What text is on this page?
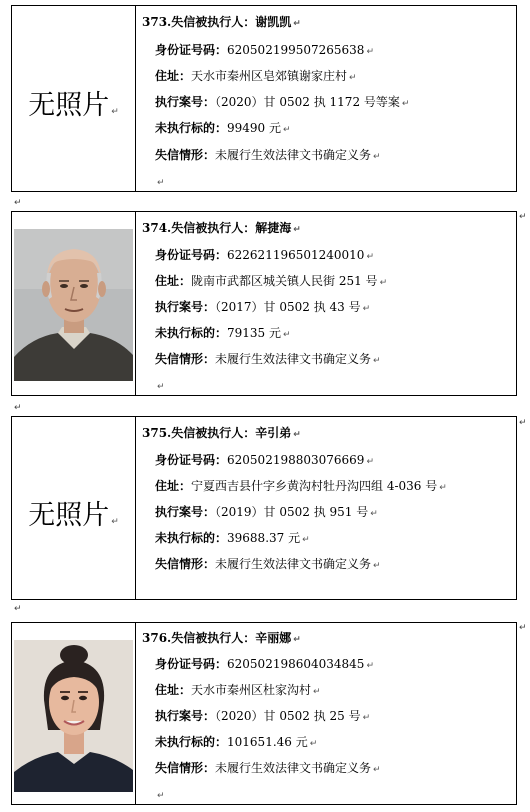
↵
↵
↵
↵
↵
↵
无照片 ↵
373.失信被执行人：谢凯凯 ↵
身份证号码：620502199507265638 ↵
住址：天水市秦州区皂郊镇谢家庄村 ↵
执行案号：（2020）甘 0502 执 1172 号等案 ↵
未执行标的：99490 元 ↵
失信情形：未履行生效法律文书确定义务 ↵
↵
374.失信被执行人：解捷海 ↵
身份证号码：622621196501240010 ↵
住址：陇南市武都区城关镇人民街 251 号 ↵
执行案号：（2017）甘 0502 执 43 号 ↵
未执行标的：79135 元 ↵
失信情形：未履行生效法律文书确定义务 ↵
↵
无照片 ↵
375.失信被执行人：辛引弟 ↵
身份证号码：620502198803076669 ↵
住址：宁夏西吉县什字乡黄沟村牡丹沟四组 4-036 号 ↵
执行案号：（2019）甘 0502 执 951 号 ↵
未执行标的：39688.37 元 ↵
失信情形：未履行生效法律文书确定义务 ↵
376.失信被执行人：辛丽娜 ↵
身份证号码：620502198604034845 ↵
住址：天水市秦州区杜家沟村 ↵
执行案号：（2020）甘 0502 执 25 号 ↵
未执行标的：101651.46 元 ↵
失信情形：未履行生效法律文书确定义务 ↵
↵
